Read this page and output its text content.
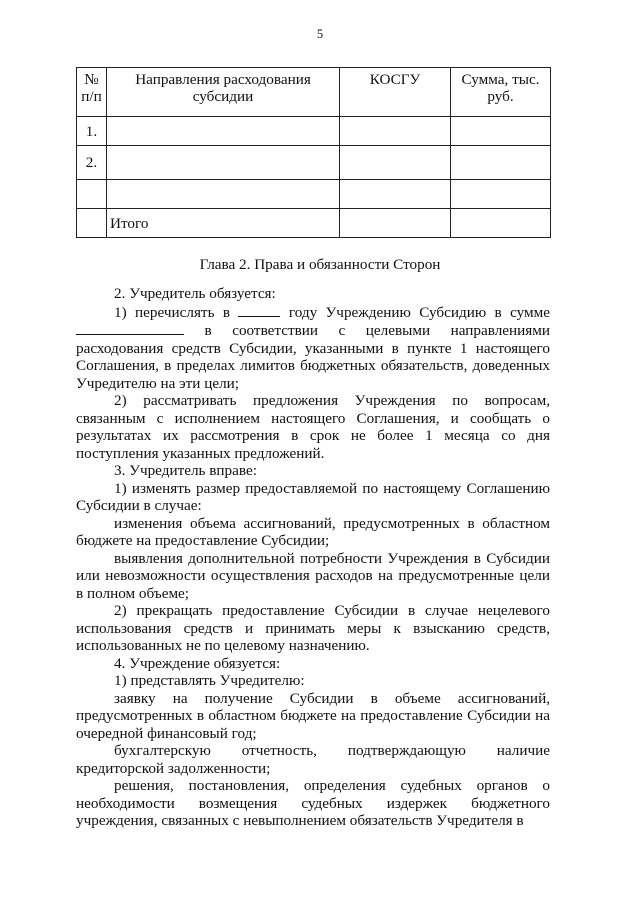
5
№ п/п	Направления расходования субсидии	КОСГУ	Сумма, тыс. руб.
1.			
2.			

	Итого		
Глава 2. Права и обязанности Сторон

2. Учредитель обязуется:

1) перечислять в	году Учреждению Субсидию в сумме  в соответствии с целевыми направлениями расходования средств Субсидии, указанными в пункте 1 настоящего Соглашения, в пределах лимитов бюджетных обязательств, доведенных Учредителю на эти цели;

2) рассматривать предложения Учреждения по вопросам, связанным с исполнением настоящего Соглашения, и сообщать о результатах их рассмотрения в срок не более 1 месяца со дня поступления указанных предложений.

3. Учредитель вправе:

1) изменять размер предоставляемой по настоящему Соглашению Субсидии в случае:

изменения объема ассигнований, предусмотренных в областном бюджете на предоставление Субсидии;

выявления дополнительной потребности Учреждения в Субсидии или невозможности осуществления расходов на предусмотренные цели в полном объеме;

2) прекращать предоставление Субсидии в случае нецелевого использования средств и принимать меры к взысканию средств, использованных не по целевому назначению.

4. Учреждение обязуется:

1) представлять Учредителю:

заявку на получение Субсидии в объеме ассигнований, предусмотренных в областном бюджете на предоставление Субсидии на очередной финансовый год;

бухгалтерскую отчетность, подтверждающую наличие кредиторской задолженности;

решения, постановления, определения судебных органов о необходимости возмещения судебных издержек бюджетного учреждения, связанных с невыполнением обязательств Учредителя в
